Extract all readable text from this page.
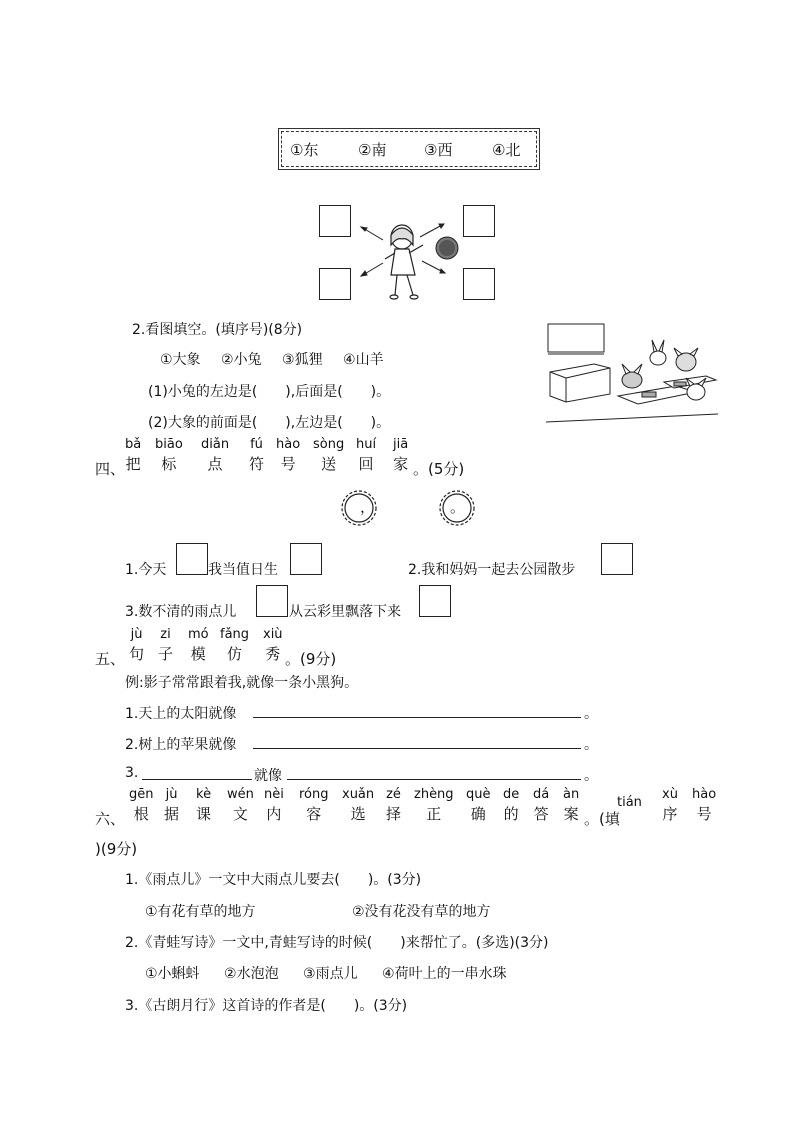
①东	②南	③西	④北
2.看图填空。(填序号)(8分)
①大象 ②小兔 ③狐狸 ④山羊
(1)小兔的左边是(　　),后面是(　　)。
(2)大象的前面是(　　),左边是(　　)。
四、
bǎ
把
biāo
标
diǎn
点
fú
符
hào
号
sòng
送
huí
回
jiā
家 。(5分)
，	。
1.今天	我当值日生	2.我和妈妈一起去公园散步
3.数不清的雨点儿	从云彩里飘落下来
五、
jù
句
zi
子
mó
模
fǎng
仿
xiù
秀 。(9分)
例:影子常常跟着我,就像一条小黑狗。
1.天上的太阳就像	。
2.树上的苹果就像	。
3.	就像	。
六、
gēn
根
jù
据
kè
课
wén
文
nèi
内
róng
容
xuǎn
选
zé
择
zhèng
正
què
确
de
的
dá
答
àn
案 。(填
tián
xù
序
hào
号
)(9分)
1.《雨点儿》一文中大雨点儿要去(　　)。(3分)
①有花有草的地方	②没有花没有草的地方
2.《青蛙写诗》一文中,青蛙写诗的时候(　　)来帮忙了。(多选)(3分)
①小蝌蚪 ②水泡泡 ③雨点儿 ④荷叶上的一串水珠
3.《古朗月行》这首诗的作者是(　　)。(3分)
